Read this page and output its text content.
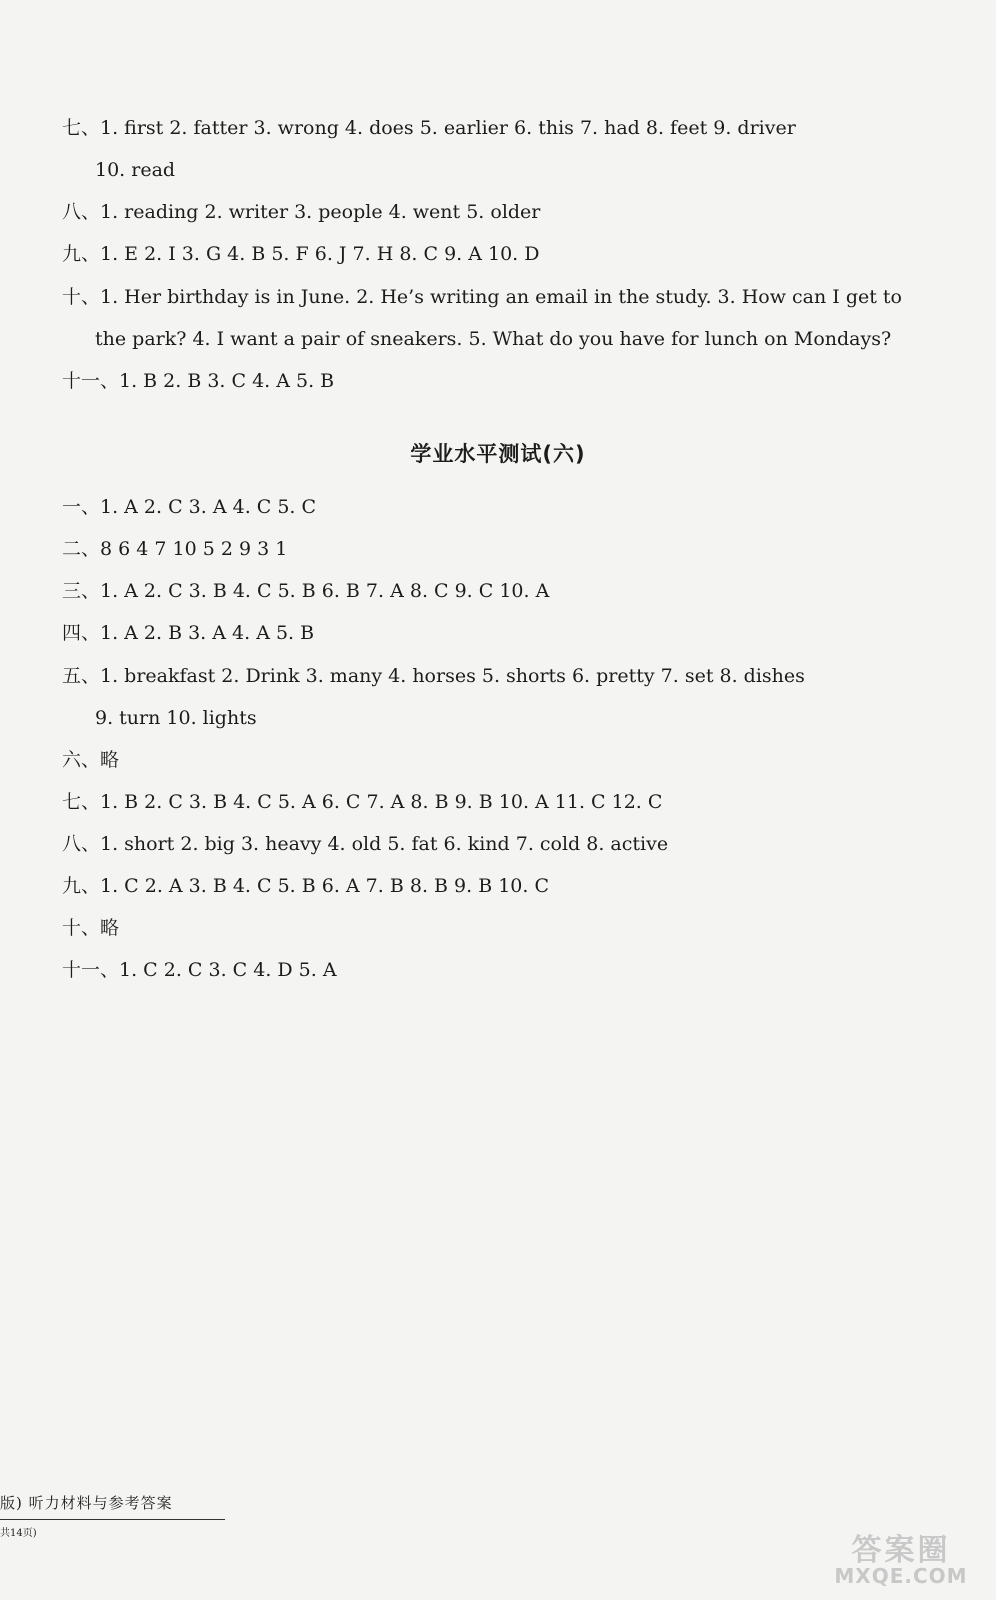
七、1. first 2. fatter 3. wrong 4. does 5. earlier 6. this 7. had 8. feet 9. driver
10. read
八、1. reading 2. writer 3. people 4. went 5. older
九、1. E 2. I 3. G 4. B 5. F 6. J 7. H 8. C 9. A 10. D
十、1. Her birthday is in June. 2. He’s writing an email in the study. 3. How can I get to
the park? 4. I want a pair of sneakers. 5. What do you have for lunch on Mondays?
十一、1. B 2. B 3. C 4. A 5. B
学业水平测试(六)
一、1. A 2. C 3. A 4. C 5. C
二、8 6 4 7 10 5 2 9 3 1
三、1. A 2. C 3. B 4. C 5. B 6. B 7. A 8. C 9. C 10. A
四、1. A 2. B 3. A 4. A 5. B
五、1. breakfast 2. Drink 3. many 4. horses 5. shorts 6. pretty 7. set 8. dishes
9. turn 10. lights
六、略
七、1. B 2. C 3. B 4. C 5. A 6. C 7. A 8. B 9. B 10. A 11. C 12. C
八、1. short 2. big 3. heavy 4. old 5. fat 6. kind 7. cold 8. active
九、1. C 2. A 3. B 4. C 5. B 6. A 7. B 8. B 9. B 10. C
十、略
十一、1. C 2. C 3. C 4. D 5. A
版) 听力材料与参考答案
共14页)	答案圈
MXQE.COM
